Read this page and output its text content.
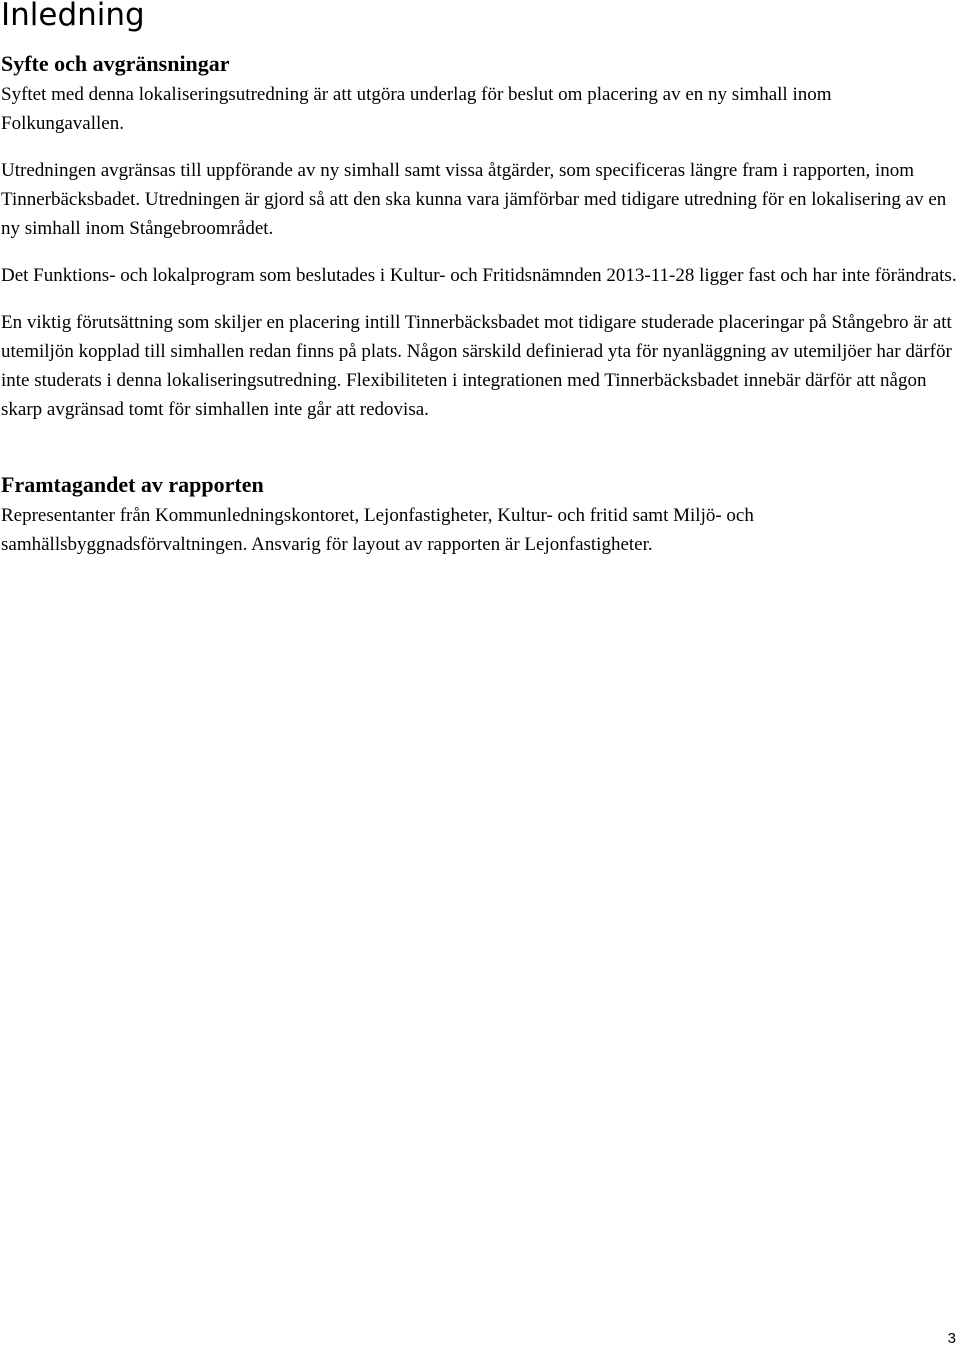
Inledning
Syfte och avgränsningar

Syftet med denna lokaliseringsutredning är att utgöra underlag för beslut om placering av en ny simhall inom Folkungavallen.

Utredningen avgränsas till uppförande av ny simhall samt vissa åtgärder, som specificeras längre fram i rapporten, inom Tinnerbäcksbadet. Utredningen är gjord så att den ska kunna vara jämförbar med tidigare utredning för en lokalisering av en ny simhall inom Stångebroområdet.

Det Funktions- och lokalprogram som beslutades i Kultur- och Fritidsnämnden 2013-11-28 ligger fast och har inte förändrats.

En viktig förutsättning som skiljer en placering intill Tinnerbäcksbadet mot tidigare studerade placeringar på Stångebro är att utemiljön kopplad till simhallen redan finns på plats. Någon särskild definierad yta för nyanläggning av utemiljöer har därför inte studerats i denna lokaliseringsutredning. Flexibiliteten i integrationen med Tinnerbäcksbadet innebär därför att någon skarp avgränsad tomt för simhallen inte går att redovisa.

Framtagandet av rapporten

Representanter från Kommunledningskontoret, Lejonfastigheter, Kultur- och fritid samt Miljö- och samhällsbyggnadsförvaltningen. Ansvarig för layout av rapporten är Lejonfastigheter.

3
